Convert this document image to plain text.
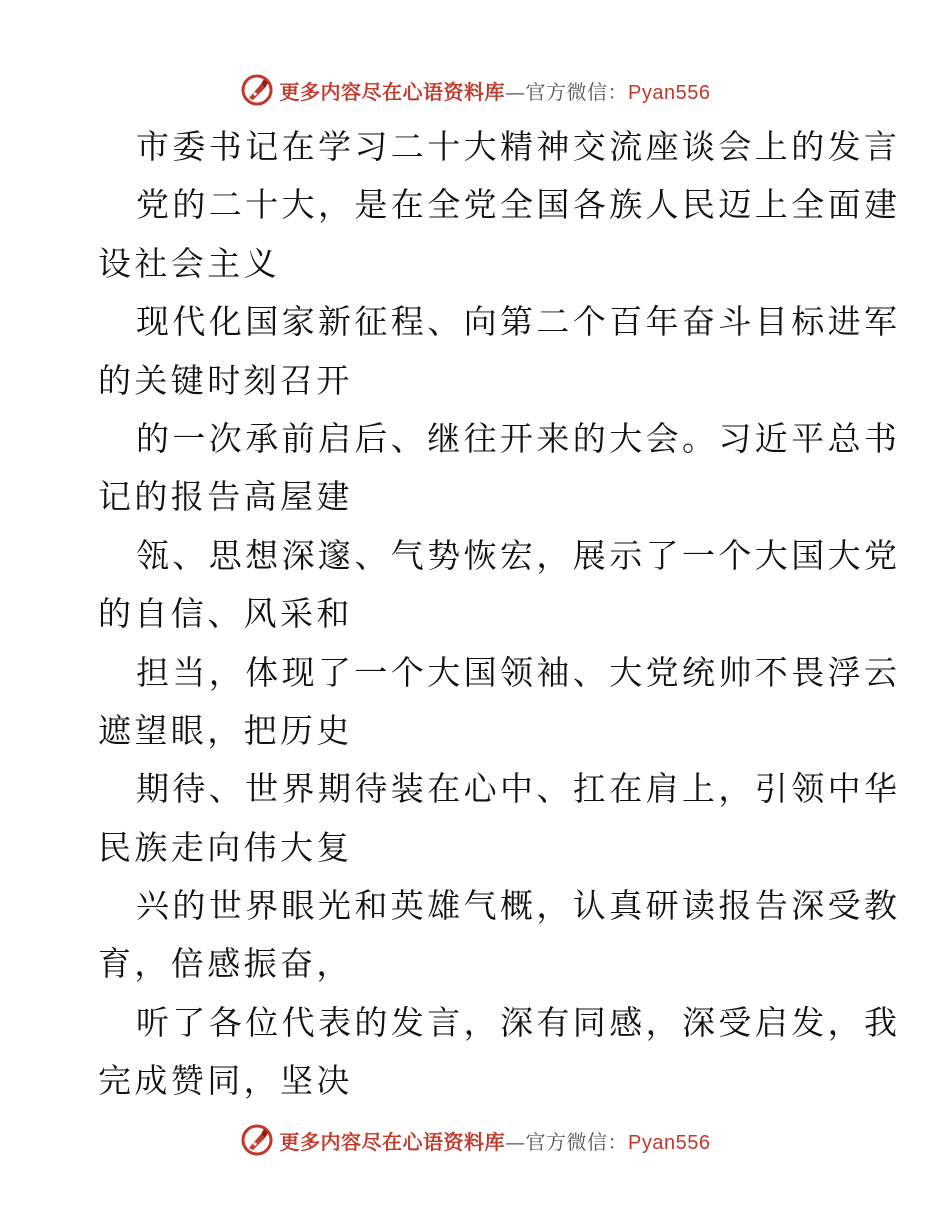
更多内容尽在心语资料库 — 官方微信： Pyan556
市委书记在学习二十大精神交流座谈会上的发言
党的二十大，是在全党全国各族人民迈上全面建
设社会主义
现代化国家新征程、向第二个百年奋斗目标进军
的关键时刻召开
的一次承前启后、继往开来的大会。习近平总书
记的报告高屋建
瓴、思想深邃、气势恢宏，展示了一个大国大党
的自信、风采和
担当，体现了一个大国领袖、大党统帅不畏浮云
遮望眼，把历史
期待、世界期待装在心中、扛在肩上，引领中华
民族走向伟大复
兴的世界眼光和英雄气概，认真研读报告深受教
育，倍感振奋，
听了各位代表的发言，深有同感，深受启发，我
完成赞同，坚决
更多内容尽在心语资料库 — 官方微信： Pyan556
